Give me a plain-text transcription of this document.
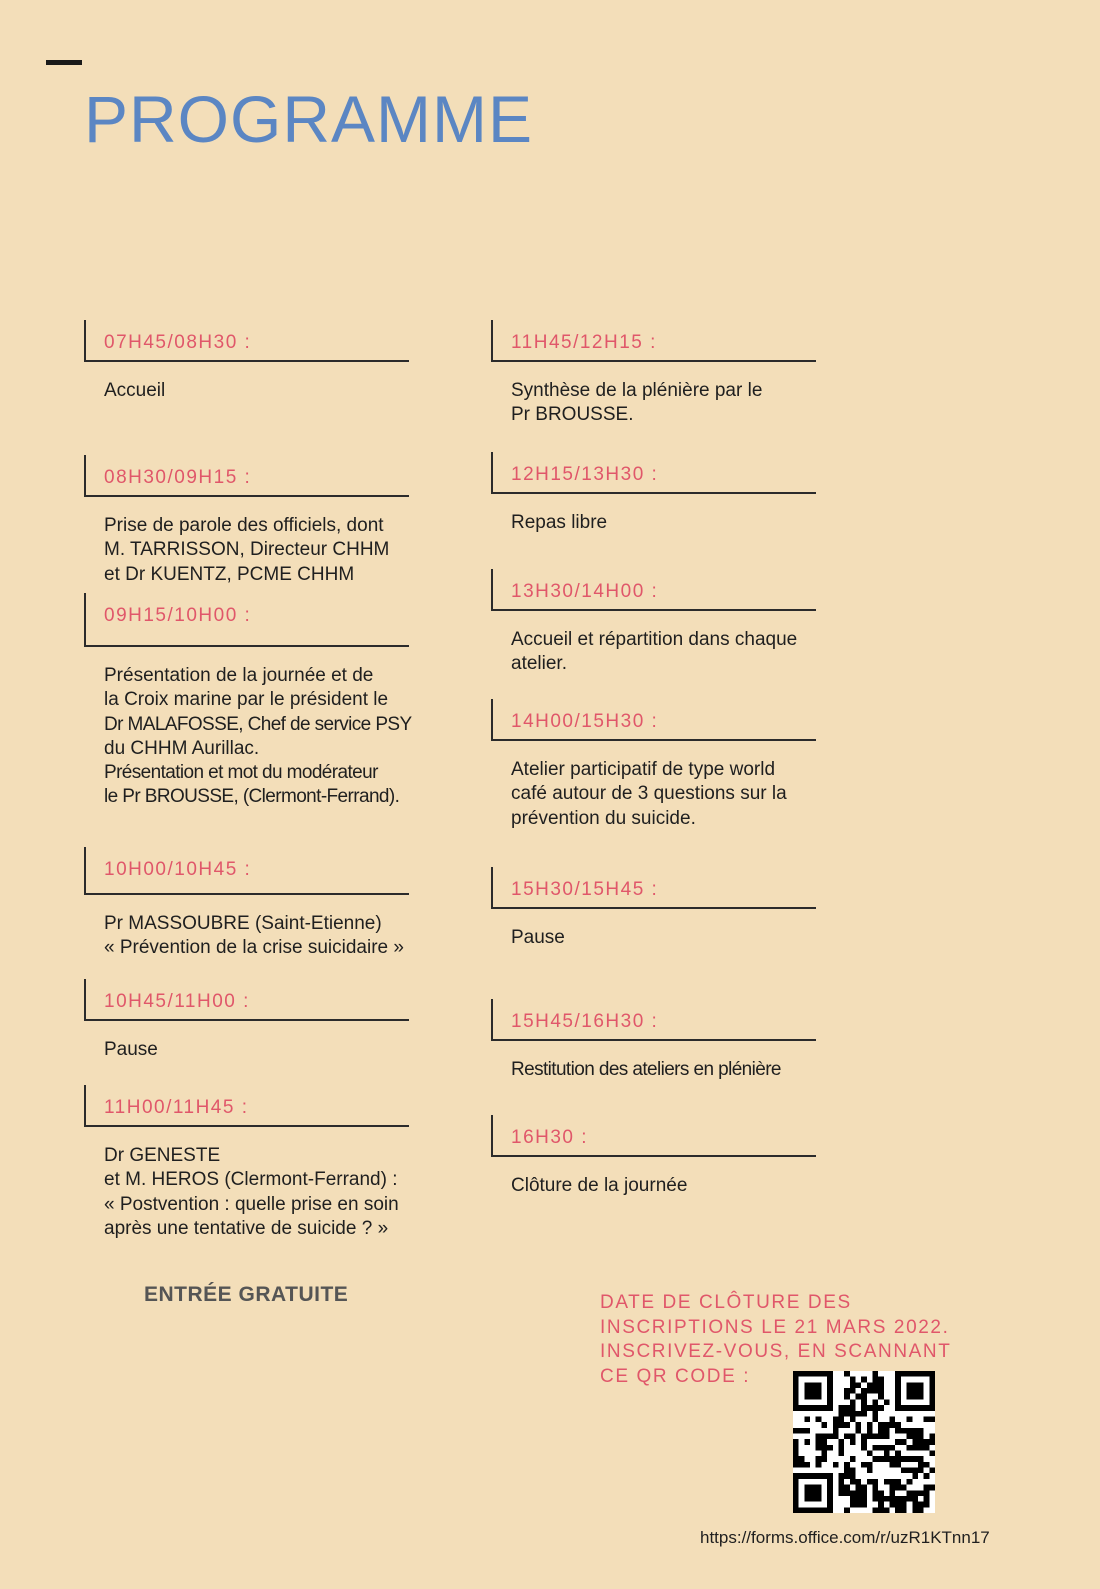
PROGRAMME
07H45/08H30 :
Accueil
08H30/09H15 :
Prise de parole des officiels, dont
M. TARRISSON, Directeur CHHM
et Dr KUENTZ, PCME CHHM
09H15/10H00 :
Présentation de la journée et de
la Croix marine par le président le
Dr MALAFOSSE, Chef de service PSY
du CHHM Aurillac.
Présentation et mot du modérateur
le Pr BROUSSE, (Clermont-Ferrand).
10H00/10H45 :
Pr MASSOUBRE (Saint-Etienne)
« Prévention de la crise suicidaire »
10H45/11H00 :
Pause
11H00/11H45 :
Dr GENESTE
et M. HEROS (Clermont-Ferrand) :
« Postvention : quelle prise en soin
après une tentative de suicide ? »
11H45/12H15 :
Synthèse de la plénière par le
Pr BROUSSE.
12H15/13H30 :
Repas libre
13H30/14H00 :
Accueil et répartition dans chaque
atelier.
14H00/15H30 :
Atelier participatif de type world
café autour de 3 questions sur la
prévention du suicide.
15H30/15H45 :
Pause
15H45/16H30 :
Restitution des ateliers en plénière
16H30 :
Clôture de la journée
ENTRÉE GRATUITE	DATE DE CLÔTURE DES
INSCRIPTIONS LE 21 MARS 2022.
INSCRIVEZ-VOUS, EN SCANNANT
CE QR CODE :
https://forms.office.com/r/uzR1KTnn17
